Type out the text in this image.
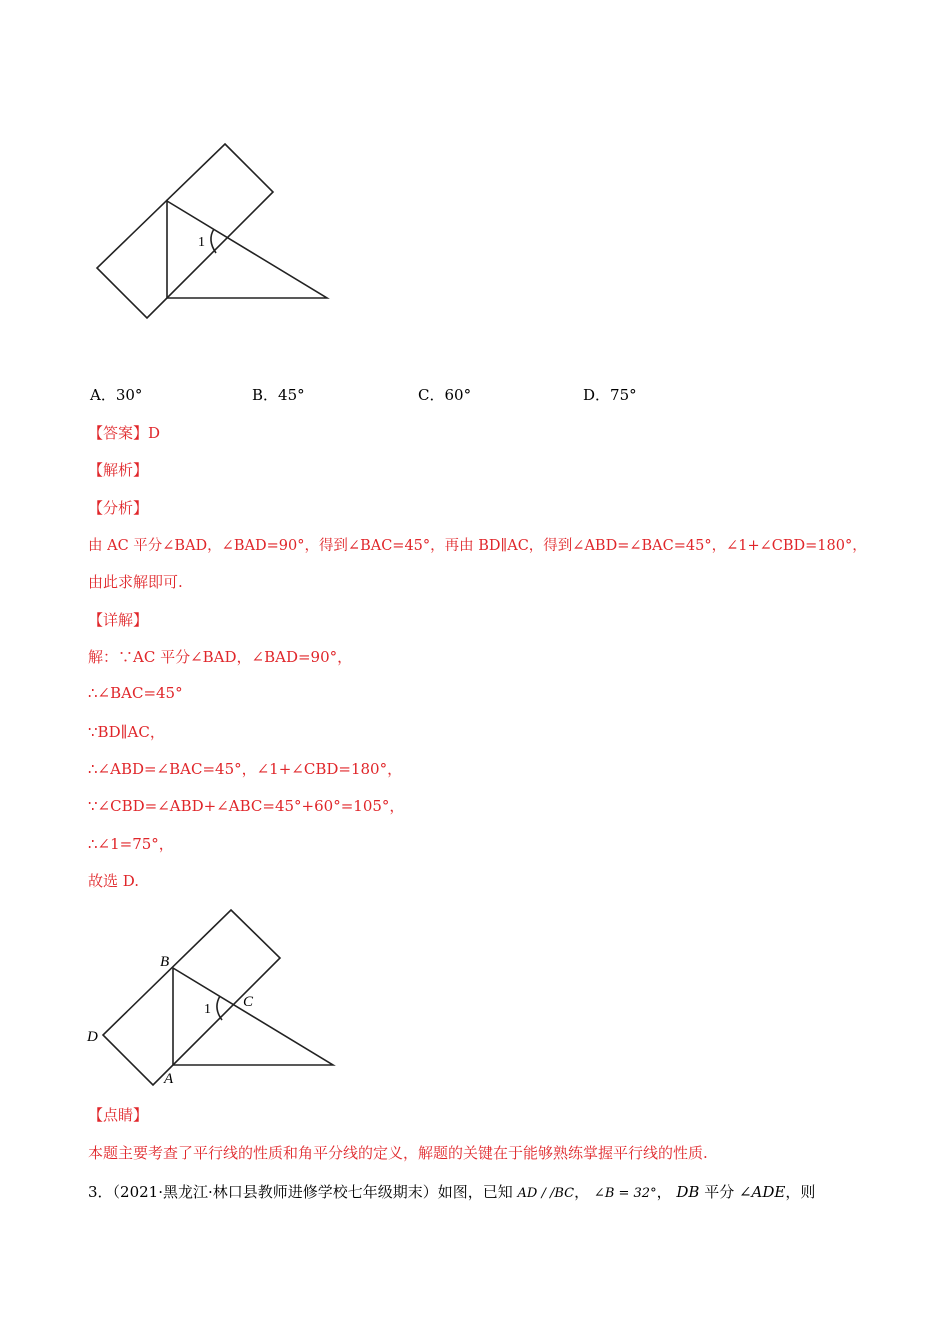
1
A．30°	B．45°	C．60°	D．75°
【答案】D
【解析】
【分析】
由 AC 平分∠BAD，∠BAD=90°，得到∠BAC=45°，再由 BD∥AC，得到∠ABD=∠BAC=45°，∠1+∠CBD=180°，
由此求解即可.
【详解】
解：∵AC 平分∠BAD，∠BAD=90°，
∴∠BAC=45°
∵BD∥AC，
∴∠ABD=∠BAC=45°，∠1+∠CBD=180°，
∵∠CBD=∠ABD+∠ABC=45°+60°=105°，
∴∠1=75°，
故选 D.
B
C
D
A
1
【点睛】
本题主要考查了平行线的性质和角平分线的定义，解题的关键在于能够熟练掌握平行线的性质.
3．（2021·黑龙江·林口县教师进修学校七年级期末）如图，已知 AD / /BC， ∠B = 32°， DB 平分 ∠ADE，则
